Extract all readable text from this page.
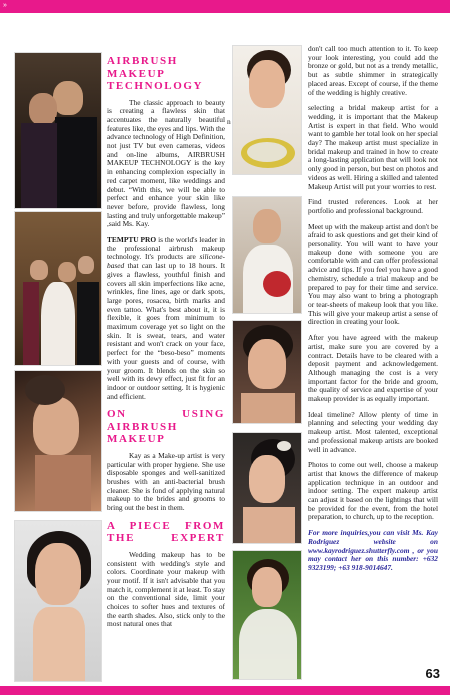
»
AIRBRUSH MAKEUP TECHNOLOGY

The classic approach to beauty is creating a flawless skin that accentuates the naturally beautiful features like, the eyes and lips. With the advance technology of High Definition, not just TV but even cameras, videos and on-line albums, AIRBRUSH MAKEUP TECHNOLOGY is the key in enhancing complexion especially in red carpet moment, like weddings and debut. “With this, we will be able to perfect and enhance your skin like never before, provide flawless, long lasting and truly unforgettable makeup” ,said Ms. Kay.

TEMPTU PRO is the world's leader in the professional airbrush makeup technology. It's products are silicone-based that can last up to 18 hours. It gives a flawless, youthful finish and covers all skin imperfections like acne, wrinkles, fine lines, age or dark spots, large pores, rosacea, birth marks and even tattoo. What's best about it, it is flexible, it goes from minimum to maximum coverage yet so light on the skin. It is sweat, tears, and water resistant and won't crack on your face, perfect for the “beso-beso” moments with your guests and of course, with your groom. It blends on the skin so well with its dewy effect, just fit for an indoor or outdoor setting. It is hygienic and efficient.

ON USING AIRBRUSH MAKEUP

Kay as a Make-up artist is very particular with proper hygiene. She use disposable sponges and well-sanitized brushes with an anti-bacterial brush cleaner. She is fond of applying natural makeup to the brides and grooms to bring out the best in them.

A PIECE FROM THE EXPERT

Wedding makeup has to be consistent with wedding's style and colors. Coordinate your makeup with your motif. If it isn't advisable that you match it, complement it at least. To stay on the conventional side, limit your choices to softer hues and textures of the earth shades. Also, stick only to the most natural ones that

n

don't call too much attention to it. To keep your look interesting, you could add the bronze or gold, but not as a trendy metallic, but as subtle shimmer in strategically placed areas. Except of course, if the theme of the wedding is highly creative.

selecting a bridal makeup artist for a wedding, it is important that the Makeup Artist is expert in that field. Who would want to gamble her total look on her special day? The makeup artist must specialize in bridal makeup and trained in how to create a long-lasting application that will look not only good in person, but best on photos and videos as well. Hiring a skilled and talented Makeup Artist will put your worries to rest.

Find trusted references. Look at her portfolio and professional background.

Meet up with the makeup artist and don't be afraid to ask questions and get their kind of personality. You will want to have your makeup done with someone you are comfortable with and can offer professional advice and tips. If you feel you have a good chemistry, schedule a trial makeup and be prepared to pay for their time and service. You may also want to bring a photograph or tear-sheets of makeup look that you like. This will give your makeup artist a sense of direction in creating your look.

After you have agreed with the makeup artist, make sure you are covered by a contract. Details have to be cleared with a deposit payment and acknowledgement. Although managing the cost is a very important factor for the bride and groom, the quality of service and expertise of your makeup provider is as equally important.

Ideal timeline? Allow plenty of time in planning and selecting your wedding day makeup artist. Most talented, exceptional and professional makeup artists are booked well in advance.

Photos to come out well, choose a makeup artist that knows the difference of makeup application technique in an outdoor and indoor setting. The expert makeup artist can adjust it based on the lightings that will be provided for the event, from the hotel preparation, to church, up to the reception.

For more inquiries,you can visit Ms. Kay Rodriguez website on www.kayrodriguez.shutterfly.com , or you may contact her on this number: +632 9323199; +63 918-9014647.

63
